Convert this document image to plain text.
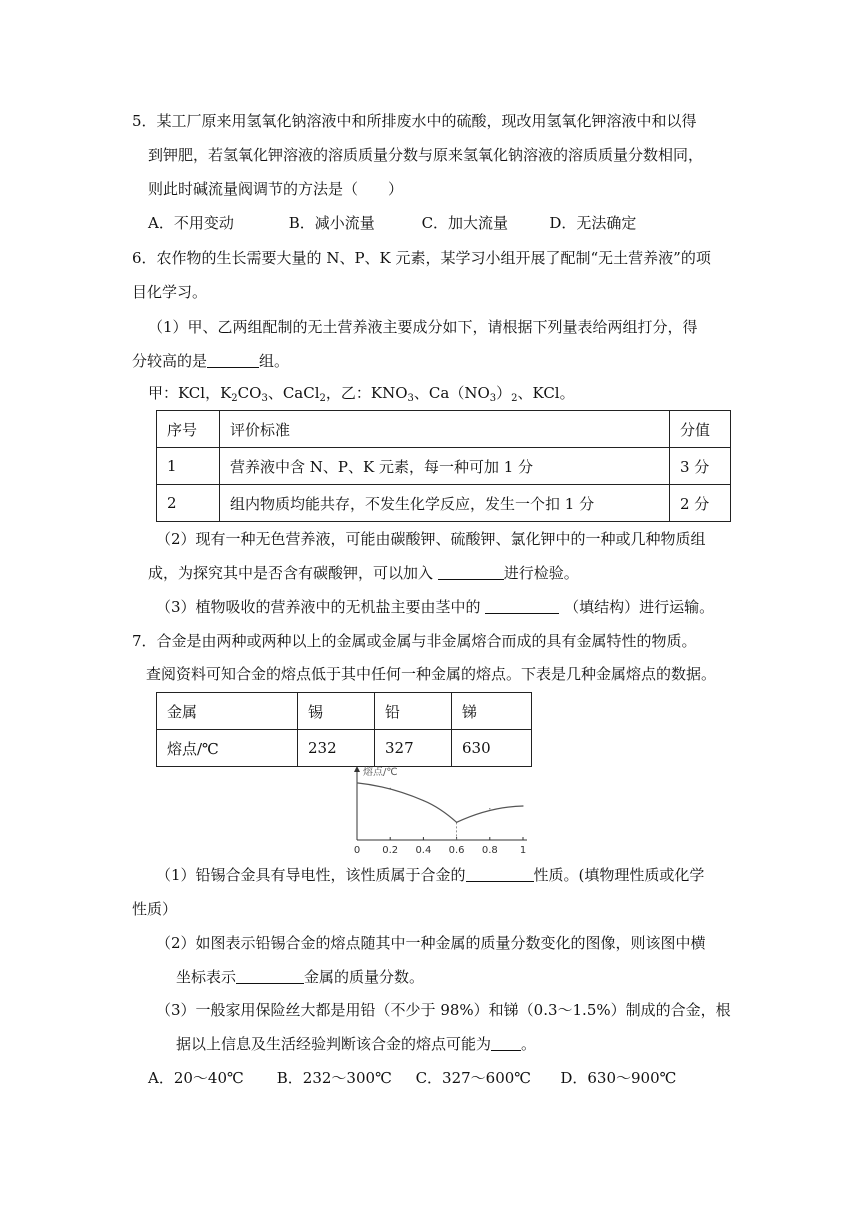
5．某工厂原来用氢氧化钠溶液中和所排废水中的硫酸，现改用氢氧化钾溶液中和以得
到钾肥，若氢氧化钾溶液的溶质质量分数与原来氢氧化钠溶液的溶质质量分数相同，
则此时碱流量阀调节的方法是（　　）
A．不用变动	B．减小流量	C．加大流量	D．无法确定
6．农作物的生长需要大量的 N、P、K 元素，某学习小组开展了配制“无土营养液”的项
目化学习。
（1）甲、乙两组配制的无土营养液主要成分如下，请根据下列量表给两组打分，得
分较高的是	组。
甲：KCl，$K_2CO_3$、CaCl$_2$，乙：$KNO_3$、$Ca(NO_3)_2$、KCl。
序号	评价标准	分值
1	营养液中含 N、P、K 元素，每一种可加 1 分	3 分
2	组内物质均能共存，不发生化学反应，发生一个扣 1 分	2 分
（2）现有一种无色营养液，可能由碳酸钾、硫酸钾、氯化钾中的一种或几种物质组
成，为探究其中是否含有碳酸钾，可以加入	进行检验。
（3）植物吸收的营养液中的无机盐主要由茎中的	（填结构）进行运输。
7．合金是由两种或两种以上的金属或金属与非金属熔合而成的具有金属特性的物质。
查阅资料可知合金的熔点低于其中任何一种金属的熔点。下表是几种金属熔点的数据。
金属	锡	铅	锑
熔点/℃	232	327	630
熔点/℃
0 0.2 0.4 0.6 0.8 1
（1）铅锡合金具有导电性，该性质属于合金的	性质。(填物理性质或化学
性质）
（2）如图表示铅锡合金的熔点随其中一种金属的质量分数变化的图像，则该图中横
坐标表示	金属的质量分数。
（3）一般家用保险丝大都是用铅（不少于 98%）和锑（0.3～1.5%）制成的合金，根
据以上信息及生活经验判断该合金的熔点可能为 。
A．20～40℃ B．232～300℃ C．327～600℃ D．630～900℃
